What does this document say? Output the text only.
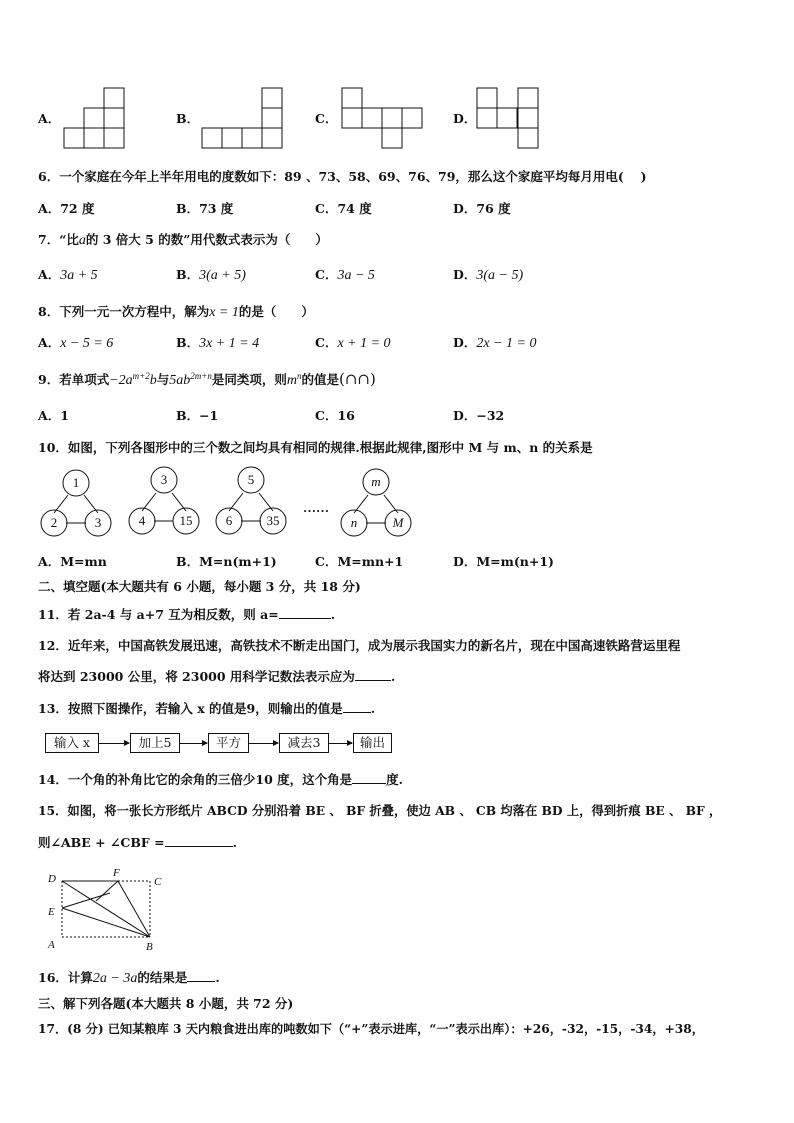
A．	B．	C．	D．
6．一个家庭在今年上半年用电的度数如下：89 、73、58、69、76、79，那么这个家庭平均每月用电(　 )
A．72 度	B．73 度	C．74 度	D．76 度
7．“比a的 3 倍大 5 的数”用代数式表示为（　　）
A．3a + 5	B．3(a + 5)	C．3a − 5	D．3(a − 5)
8．下列一元一次方程中，解为x = 1的是（　　）
A．x − 5 = 6	B．3x + 1 = 4	C．x + 1 = 0	D．2x − 1 = 0
9．若单项式$-2a^{m+2}b$与$5ab^{2m+n}$是同类项，则$m^n$的值是(∩∩)
A．1	B．−1	C．16	D．−32
10．如图，下列各图形中的三个数之间均具有相同的规律.根据此规律,图形中 M 与 m、n 的关系是
1
2	3
3
4	15
5
6	35
m
n	M
……
A．M=mn	B．M=n(m+1)	C．M=mn+1	D．M=m(n+1)
二、填空题(本大题共有 6 小题，每小题 3 分，共 18 分)
11．若 2a-4 与 a+7 互为相反数，则 a=	.
12．近年来，中国高铁发展迅速，高铁技术不断走出国门，成为展示我国实力的新名片，现在中国高速铁路营运里程
将达到 23000 公里，将 23000 用科学记数法表示应为	.
13．按照下图操作，若输入 x 的值是9，则输出的值是 .
输入 x	加上5	平方	减去3	输出
14．一个角的补角比它的余角的三倍少10 度，这个角是	度.
15．如图，将一张长方形纸片 ABCD 分别沿着 BE 、 BF 折叠，使边 AB 、 CB 均落在 BD 上，得到折痕 BE 、 BF ，
则∠ABE + ∠CBF =	.
D	F
C
E
A	B
16．计算2a − 3a的结果是 .
三、解下列各题(本大题共 8 小题，共 72 分)
17．(8 分) 已知某粮库 3 天内粮食进出库的吨数如下（“+”表示进库，“一”表示出库）：+26，-32，-15，-34，+38，
